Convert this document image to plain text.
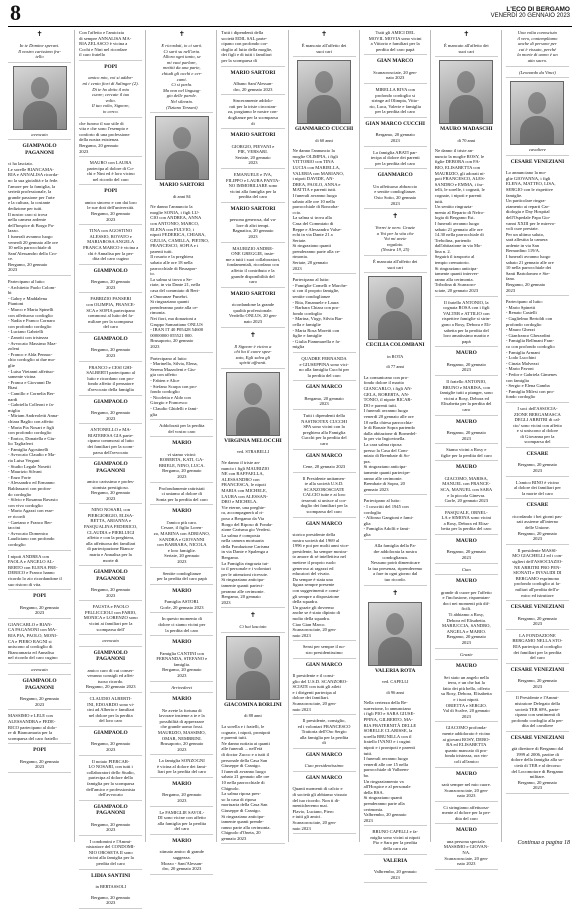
8	L'ECO DI BERGAMO
VENERDÌ 20 GENNAIO 2023
✝
In te Domine speravi.
Il nostro carissimo fra-
tello
avvocato
GIAMPAOLO PAGANONI
ci ha lasciato.
Le sorelle BIANCAMA-
RIA e ANNALISA ricorda-
no la sua gioialità e la fede.
l'amore per la famiglia, la
serietà professionale, la
grande passione per l'arte
e la cultura, la costante
dedizione per tutti.
Il nostro caro si trova
nella camera ardente
dell'hospice di Borgo Pa-
lazzo.
I funerali avranno luogo
venerdì 20 gennaio alle ore
10 nella parrocchiale di
Sant'Alessandro della Cro-
ce.
Bergamo, 20 gennaio
2023
Partecipano al lutto:
- Architetto Paolo Colom-
bi
- Gabry e Maddalena
Piantoni
- Marco e Marta Spinelli
con affettuoso cordoglio
- Nadia e Franco Cornaro
con profondo cordoglio
- Luciano Gabrielli
- Zanotti con tristezza
- Avvocato Massimo Maz-
zoleni
- Franco e Alda Pennac-
chio cordoglio ai due mo-
glie
- Luisa Vietanni affettuo-
samente vicina
- Franca e Giovanni De
Biasi
- Camillo e Cornelia Ber-
nardi
- Gabriella Colleoni e fa-
miglia
- Miriam Andreoletti Anna-
chiara Baglio con affetto
- Maria Pia Nosari e figli
con profondo cordoglio
- Enrico, Donatella e Giu-
lio Tagliaferri
- Famiglia Agostinelli
- Avvocato Claudio e Ma-
ria Luisa Vergani
- Studio Legale Nosetti
- Maurizio Silvani
- Enzo Forte
- Alessandro ed Ermanno
Baldassarri con profon-
do cordoglio
- Silvio e Rosanna Ravasio
con vivo cordoglio
- Mario Agazzi con esse-
re ricordi
- Gaetano e Franco Ber-
taccini
- Avvocato Domenico
Laudiciano con profondo
cordoglio
I nipoti ANDREA con
PAOLA e ANGELO AL-
BERTO con ELENA FRE-
DERICO e Franco hanno
ricordo lo zio ricordandone il
suo ristoro di vita.
POPI
Bergamo, 20 gennaio
2023
GIANCARLO e BIAN-
CA PAGANONI con MA-
RIA PIA, PAOLO, MONI-
CA e PIERO RAGNI si
uniscono al cordoglio di
Biancamaria ed Annalisa
nel ricordo del caro cugino
avvocato
GIAMPAOLO PAGANONI
Bergamo, 20 gennaio
2023
MASSIMO e LELE con
ALESSANDRA e FEDE-
RICO partecipano al dolo-
re di Biancamaria per la
scomparsa del caro fratello
POPI
Bergamo, 20 gennaio
2023
Con l'affetto e l'amicizia
di sempre ANNALISA MA-
RIA ZELASCO è vicina a
Cochi e Nini nel ricordare
il caro fratello
POPI
amico mio, voi si addor-
mì i cento fiori di Salinger (2).
Di te ho detto il mio
cuore; cercate il tuo
volto.
Il tuo volto, Signore,
io cerco.
che furono il suo stile di
vita e che sono l'esempio e
conforto di una professione
della nostra esistenza.
Bergamo, 20 gennaio
2023
MAURO con LAURA
partecipa al dolore di Co-
chi e Nini ed è loro vicino
nel ricordo del caro
POPI
amico sincero e con dai loro
le sue doti dell'università.
Bergamo, 20 gennaio
2023
TINA con AGOSTINO
ALESSIO, ROVATO e
MARIAROSA ANGELA
FRANCA MARCO è vicina a
chi è Annalisa per la per-
dita del caro cugino
GIAMPAOLO
Bergamo, 20 gennaio
2023
FABRIZIO PANSERI
con OLIMPIA, FRANCE-
SCA e SOFIA partecipano
commossi al lutto del fa-
miliare per la scomparsa
del caro
GIAMPAOLO
Bergamo, 20 gennaio
2023
FRANCO e CESI GHI-
SALBERTI partecipano al
lutto e ricordano con pro-
fondo affetto il pensatore
d'avvocato della famiglia
GIAMPAOLO
Bergamo, 20 gennaio
2023
ANTONELLO e MA-
RIATERESA GIA parte-
cipano commossi al lutto
dei familiari per la scom-
parsa dell'avvocato
GIAMPAOLO PAGANONI
amico carissimo e profes-
sionista prestigioso.
Bergamo, 20 gennaio
2023
NINO NOSARI, con
PIERGIORGIO, ELISA-
BETTA, ARIANNA e
PASQUALINA FEDERICO,
CLAUDIA e PIERLUIGI
affetto e con la preghiera,
alla affettuosa dei familiari
di partecipazione Bianca-
maria e Annalisa per la
morte di
GIAMPAOLO PAGANONI
Bergamo, 20 gennaio
2023
FAUSTA e PAOLO
PELLICCIOLI con FABIO,
MONICA e LORENZO sono
vicini ai familiari per la
scomparsa dell'
avvocato
GIAMPAOLO PAGANONI
amico caro di cui conser-
veranno consigli ed affet-
tuoso ricordo.
Bergamo, 20 gennaio 2023
CLAUDIO ALBERTI-
INI, EDOARDO sono vi-
cini ad Alberto e familiari
nel dolore per la perdita
del loro caro
GIAMPAOLO
Bergamo, 20 gennaio
2023
Il notaio PIERCAR-
LO NOSARI, con tutti i
collaboratori dello Studio,
partecipa al dolore della
famiglia per la scomparsa
dell'amico e professionista
dell'avvocato
GIAMPAOLO PAGANONI
Bergamo, 20 gennaio
2023
I condomini e l'Ammi-
nistratore del CONDOMI-
NIO OROSETA II sono
vicini alla famiglia per la
perdita del caro
LIDIA SANTINI
in BERTASSOLI
Bergamo, 20 gennaio
2023
✝
E ricordati, io ci sarò.
Ci sarò su nell'aria.
Allora ogni tanto, se
mi vuoi parlare,
mettiti da una parte,
chiudi gli occhi e cer-
cami.
Ci si parla.
Ma non nel linguag-
gio delle parole.
Nel silenzio.
(Tiziano Terzani)
MARIO SARTORI
di anni 84
Ne danno l'annuncio la
moglie SONIA, i figli LU-
CIO con ANDREA, ANNA
con ANTONIO, MARCO,
ELENA con FULVIO, i
nipoti FEDERICA, CHIARA,
GIULIA, CAMILLA, PIETRO,
FRANCESCO, SOFIA e i
parenti tutti.
Il rosario e la preghiera
sabato alle ore 18 nella
parrocchiale di Brusapor-
to.
La salma si trova a Se-
riate, in via Dante 21, nella
casa del commiato di Bert-
a Onoranze Funebri.
Si ringraziano quanti
prenderanno parte alla ce-
rimonia.
Nei fiori, ma donazioni a
Gruppo Samaritano ONLUS
- IBAN IT 40 P05428 54600
00000000 055521 000.
Brusaporto, 20 gennaio
2023
Partecipano al lutto:
- Marinella, Silvia, Elena,
Serena Mazzoleni e Giu-
gia con affetto
- Fabien e Alice
- Stefano Scarpa con pro-
fondo cordoglio
- Nicoletta e Aldo con
Giorgio e Francesco
- Claudio Ghidelli e fami-
glia
Addolorati per la perdita
del vostro caro
MARIO
vi siamo vicini:
ROBERTA, KATI, GA-
BRIELE, NINO, LUCA.
Bergamo, 20 gennaio
2023
Profondamente rattristati
ci uniamo al dolore di
Sonia per la perdita del caro
MARIO
l'amico più caro.
Cesare, il figlio Loren-
zo, MARINA con ADRIANO,
SANDRA e GIOVANNI
con BARBARA, NICOLA
e loro famiglie.
Seriate, 20 gennaio
2023
Sentite condoglianze
per la perdita del caro papà
MARIO
Famiglia ASTORI.
Gorle, 20 gennaio 2023
In questo momento di
dolore ci siamo vicini per
la perdita del caro
MARIO
Famiglia CANTINI con
FERNANDA, STEFANO e
famiglia.
Bergamo, 20 gennaio
2023
Arrivederci
MARIO
Ne avete la fortuna di
lavorare insieme a te e la
possibilità di apprezzare
che grande uomo fossi.
MAURIZIO, MASSIMO,
OMAR, NEMBRINI.
Brusaporto, 20 gennaio
2023
La famiglia SONZOGNI
è vicina al dolore dei fami-
liari per la perdita del caro
MARIO
Bergamo, 20 gennaio
2023
Le FAMIGLIE SAVOL-
DI sono vicine con affetto
alla famiglia per la perdita
del caro
MARIO
stimato amico di grande
saggezza.
Mozzo - Sant'Alessan-
dro, 20 gennaio 2023
Tutti i dipendenti della
società EDIL SAL parte-
cipano con profondo cor-
doglio al lutto della moglie,
dei figli e di tutti i familiari
per la scomparsa di
MARIO SARTORI
Albano Sant'Alessan-
dro, 20 gennaio 2023
Sinceramente addolo-
rati per la triste circostan-
za, porgiamo le nostre con-
doglianze per la scomparsa
di
MARIO SARTORI
GIORGIO, PIEVANI e
PIE, VERSARI.
Seriate, 20 gennaio
2023
EMANUELE e IVA,
FILIPPO e LAURA PANTA-
NO IMMOBILIARE sono
vicini alla famiglia per la
perdita del caro
MARIO SARTORI
persona generosa, dal va-
lore di altri tempi.
Bagnatica, 20 gennaio
2023
MAURIZIO ANDRE-
ONE GREGGIE, insie-
me a tutti i suoi collaboratori,
fondamentali, ricordano con
affetto il contributo e la
grande disponibilità del
caro
MARIO SARTORI
ricordandone la grande
qualità professionale.
Verdello ONLUS, 20 gen-
naio 2023
✝
Il Signore è vicino a
chi ha il cuore spez-
zato, Egli salva gli
spiriti affranti.
VIRGINIA MELOCCHI
ved. STRABELLI
Ne danno il triste an-
nuncio i figli MAURIZIO
NE con RAFFAELLA,
ALESSANDRO con
FRANCESCA, le nipoti
MARIA con MICHELE,
LAURA con ALESSAN-
DRO e MICHELA.
Vie eterne, una preghie-
ra, accompagnerà al ri-
poso a Bergamo da Via
Borgo del Riposo di Fonda-
zione Carisma gio Verdesi.
La salma è composta
nella camera mortuaria
della Fondazione Carisma
in via Dante e Spalenga a
Bergamo.
La Famiglia ringrazia tut-
to il personale e i volontari
per le attenzioni ricevute.
Si ringraziano anticipa-
tamente quanti parteci-
peranno alle cerimonie.
Bergamo, 20 gennaio
2023
✝
Ci hai lasciato
GIACOMINA BORLINI
di 88 anni
La sorella e i fratelli, le
cognate, i nipoti, pronipoti
e parenti tutti.
Ne danno notizia ai quanti
alle funerali ... nell'età
di doctor Zucco e a tutti il
personale della Casa San
Giuseppe di Casnigo.
I funerali avranno luogo
sabato 21 gennaio alle ore
10 nella parrocchiale di
Chignolo.
La salma riposa pres-
so la casa di riposa
mortuaria della Casa San
Giuseppe di Casnigo.
Si ringraziano anticipa-
tamente quanti prende-
ranno parte alla cerimonia.
Chignolo d'Oneta, 20
gennaio 2023
✝
È mancato all'affetto dei
suoi cari
GIANMARCO CUCCHI
di 60 anni
Ne danno l'annuncio la
moglie OLIMPIA, i figli
VITTORIO con TINA
LUCIA con MARIELLA,
VALERIA con MARIANO,
i nipoti DAVIDE, AN-
DREA, PAOLO, ANNA e
MATTIA e parenti tutti.
I funerali avranno luogo
sabato alle ore 10 nella
parrocchiale di Roncoba-
ccio.
La salma si trova alla
Casa del Commiato di
Beppe e Alessandro Valse-
echi in via Dante 21 a
Seriate.
Si ringraziano quanti
prenderanno parte alla ce-
rimonia.
Seriate, 20 gennaio
2023
Partecipano al lutto:
- Famiglie Comelli e Marche-
si con il proprio famiglie,
sentite condoglianze
- Rita, Emanuele e Laura
- Barbara Chiara con pro-
fondo cordoglio
- Marina, Virgy, Silvia Bar-
cella e famiglie
- Maria Rosa Moretti con
figlie e famiglie
- Giulia Fiammarella e fa-
miglia
QUADRE FERNANDA
e GIUSEPPINA sono vici-
no alla famiglia Cucchi per
la perdita del caro
GIAN MARCO
Bergamo, 20 gennaio
2023
Tutti i dipendenti della
NASTROTEX CUCCHI
SPA sono vicini con la
preghiera alla Famiglia
Cucchi per la perdita del
caro
GIAN MARCO
Cene, 20 gennaio 2023
Il Presidente unitamen-
te alla società U.S.D.
SCANZOROSCIATE
CALCIO tutte e ai loro
tesserati si unisce al cor-
doglio dei familiari per la
scomparsa del caro
GIAN MARCO
storico presidente della
nostra società dal 1969 al
1996 e poi per molti anni vice-
presidente, ha sempre mostra-
to amore di sé intellettiva nel
mettere il proprio ruolo
generoso ai ragazzi ed
educatori del vivaio.
Da sempre è stata una
figura sempre presente
con suggerimenti e consi-
gli sempre a disposizione
della squadra.
Un grazie gli dovremo
anche se è stato dipinto di
molto della squadra.
Ciao Gian Marco.
Scanzorosciate, 20 gen-
naio 2023
Sensi per sempre il no-
stro presidentissimo
GIAN MARCO
Il presidente e il consi-
glio del U.S.D. SCANZORO-
SCIATE con tutti gli atleti
e i dirigenti partecipa al
dolore dei familiari.
Scanzorosciate, 20 gen-
naio 2023
Il presidente, consiglio,
ed i volontari FRANCESCO
Trattoria dell'Oro Sergio
alla famiglia per la perdita
di
GIAN MARCO
Ciao presidentissimo
GIAN MARCO
Quanti momenti di calcio e
di società gli abbiamo vissuto
del tuo ricordo. Non ti di-
menticheremo mai.
Flavio, Luciano, Piero
e tutti gli amici.
Scanzorosciate, 20 gen-
naio 2023
Tutti gli AMICI DEL
MOVIL MOVIA sono vicini
a Vittorio e familiari per la
perdita del caro papà
GIAN MARCO
Scanzorosciate, 20 gen-
naio 2023
MIRELLA RIVA con
profondo cordoglio si
stringe ad Olimpia, Vitto-
rio, Luca, Valerie e famiglia
per la perdita del caro
GIAN MARCO CUCCHI
Bergamo, 20 gennaio
2023
La famiglia ABATI par-
tecipa al dolore dei parenti
per la perdita del caro
GIANMARCO
Un affettuoso abbraccio
e sentite condoglianze.
Osio Sotto, 20 gennaio
2023
✝
Vorrei te nero. Grazie
a Voi per la vita che
Voi mi avete
regalato.
(Nostra 19, 25)
È mancata all'affetto dei
suoi cari
CECILIA COLOMBANI
in ROTA
di 77 anni
La comunicano con pro-
fondo dolore il marito
GIANCARLO, i figli AN-
GELA, ROBERTA, AN-
TONIO, il nipote RICAR-
DO e parenti tutti.
I funerali avranno luogo
venerdì 20 gennaio alle ore
10 nella chiesa parrocchia-
le di Bonate Sopra partendo
dalla abitazione di Bornedel-
lo per via Ingiovinella.
La cara salma riposa
presso la Casa del Com-
miato di Brembate di So-
pra.
Si ringraziano anticipa-
tamente quanti partecipe-
ranno alle cerimonie.
Brembate di Sopra, 20
gennaio 2023
Partecipano al lutto:
- I coscritti del 1945 con
cordoglio
- Alfonso Gangioni e fami-
glia
- Famiglia Adolfi e fami-
glia
Alla famiglia della Pa-
dre addolorata la nostra
condoglianza.
Nessuno potrà dimenticare
la tua presenza, riprenderemo
a fare in ogni giorno dal
tuo ricordo.
✝
VALERIA ROTA
ved. CAPELLI
di 96 anni
Nella certezza della Re-
surrezione, lo annunciano
i figli PIO e SARA GIUSE-
PPINA, GILBERTO, MA-
RIA FRATERNITÀ DELLE
SORELLE CLARISSE, la
sorella BRUNILLA con il
fratello IVANO e i cugini
nipoti e i pronipoti e parenti
tutti.
I funerali avranno luogo
venerdì alle ore 15 nella
parrocchiale di Valbrem-
bo.
Un ringraziamento va
all'Hospice e al personale
della RSA.
Si ringraziano quanti
prenderanno parte alla
cerimonia.
Valbrembo, 20 gennaio
2023
BRUNO CAPELLI e fa-
miglia sono vicini ai nipoti
Pio e Sara per la perdita
della cara zia
VALERIA
Valbrembo, 20 gennaio
2023
✝
È mancato all'affetto dei
suoi cari
MAURO MADASCHI
di 70 anni
Ne danno il triste an-
nuncio la moglie ROSY, le
figlie DEBORA con FA-
BIO, ELISABETTA con
MAURIZIO, gli adorati ni-
poti FRANCESCO, ALES-
SANDRO e EMMA, i fra-
telli, le sorelle, i cognati, le
cognate, i nipoti e parenti
tutti.
Un sentito ringrazia-
mento al Reparto di Nefro-
logia di Bergamo Est.
I funerali avranno luogo
sabato 21 gennaio alle ore
14.30 nella parrocchiale di
Trebolina, partendo
dall'abitazione in via Mo-
lina n. 2.
Seguirà il trasporto al
tempio crematorio.
Si ringraziano anticipa-
tamente quanti interver-
ranno alla cerimonia.
Tribolina di Scanzoro-
sciate, 20 gennaio 2023
Il fratello ANTONIO, la
cognata ROSA con i figli
VALTER e ATTILIO con
rispettive famiglie si strin-
gono a Rosy, Debora e Eli-
sabetta per la perdita del
loro amatissimo marito e
papà
MAURO
Bergamo, 20 gennaio
2023
Il fratello ANTONIO,
BRUNO e MARISA, con
famiglie tutti a pianger, sono
vicini a Rosy, Debora ed
Elisabetta per la perdita del
caro
MAURO
Bergamo, 20 gennaio
2023
Siamo vicini a Rosy e
figlie per la perdita del caro
MAURO
GIACOMO, MARISA,
MANUEL con FRANCE-
SCA, MANUEL con SARA
e la piccola Ginevra.
Gorle, 20 gennaio 2023
PASQUALE, ORNEL-
LA e SIMONA sono vicini
a Rosy, Debora ed Elisa-
betta per la perdita del caro
MAURO
Bergamo, 20 gennaio
2023
Ciao
MAURO
grande di cuore per l'affetto
e l'inclusione, risparmian-
doci nei momenti più dif-
ficili.
Ti abbiamo a Rosy,
Debora ed Elisabetta.
MARIUCCIA, SANDRO,
ANGELA e MARIO.
Bergamo, 20 gennaio
2023
Grazie
MAURO
Sei stato un angelo nella
terra, e un che hai la
fatto dei più bello, offerto
su Rosy, Debora, Elisabetta
e i tuoi nipoti.
ORIETTA e SERGIO.
Val di Scalve, 20 gennaio
2023
GIACOMO profonda-
mente addolorato è vicino
ai giovani ROSY, DEBO-
RA ed ELISABETTA
quanto mancato di pro-
fonda tristezza, ora vin-
coli all'amico
MAURO
sarà sempre nel mio cuore.
Scanzorosciate, 20 gen-
naio 2023
Ci stringiamo affettuosa-
mente al dolore per la per-
dita del caro
MAURO
una persona speciale.
MASSIMO e GIOVAN-
NA.
Scanzorosciate, 20 gen-
naio 2023
Una volta conosciuto
il vero, contempliamo
anche di persone per
cui è vissuto, perché
la morte di uomo è un
atto sacro.
(Leonardo da Vinci)
cavaliere
CESARE VENEZIANI
Lo annunciano la mo-
glie GIOVANNA, i figli
ELENA, MATTEO, LISA,
SERGIO con le rispettive
famiglie.
Un particolare ringra-
ziamento ai reparti Car-
diologia e Day Hospital
dell'Ospedale Papa Gio-
vanni XXIII per le mirevo-
voli cure prestate.
Per un ultimo saluto,
sarà allestita la camera
ardente in via San
Bernardino 119/A.
I funerali avranno luogo
sabato 21 gennaio alle ore
10 nella parrocchiale dei
Santi Bartolomeo e Ste-
fano.
Bergamo, 20 gennaio
2023
Partecipano al lutto:
- Mario Spinetti
- Renato Castelli
- Guglielmo Bertoldi con
profondo cordoglio
- Mauro Ghezzi
- Gianfranco Gherardini
- Famiglia Bellmani Fran-
co con profondo cordoglio
- Famiglia Armani
- Lodo Lucchini
- Cinzia Malvezzi
- Mario Pavoni
- Fedor e Gabriela Gimenes
con famiglia
- Sergio e Elena Gamba
- Famiglia Milesi con pro-
fondo cordoglio
I soci dell'ASSOCIA-
ZIONE BERGAMASCA
DEGLI ARBITRI di cal-
cio/ sono vicini con affetto
e si uniscono al dolore
di Giovanna per la
scomparsa del
CESARE
Bergamo, 20 gennaio
2023
L'amico BINO è vicino
al dolore dei familiari per
la morte del caro
CESARE
ricordando i bei giorni pas-
sati assieme all'interno
delle Unione.
Bergamo, 20 gennaio
2023
Il presidente MASSI-
MO GIACHELLI ed i con-
siglieri dell'ASSOCIAZIO-
NE ARBITRI PRO PEN-
SIONATI e INVALIDI DI
BERGAMO esprimono
profondo cordoglio ai fa-
miliari all'perdita dell'a-
mico ed istruttore
CESARE VENEZIANI
Bergamo, 20 gennaio
2023
LA FONDAZIONE
BERGAMO NELLA STO-
RIA partecipa al cordoglio
dei familiari per la perdita
del caro
CESARE VENEZIANI
Bergamo, 20 gennaio
2023
Il Presidente e l'Ammi-
nistratore Delegato della
società TEB SPA, parte-
cipano con sentimenti di
profondo cordoglio alla per-
dita del cavaliere
CESARE VENEZIANI
già direttore di Bergamo dal
1999 al 2006, partire di
dolore della famiglia alla so-
cietà di TEB e al decorso
del Locomotore di Bergamo
militare.
Bergamo, 20 gennaio
2023
Continua a pagina 18
